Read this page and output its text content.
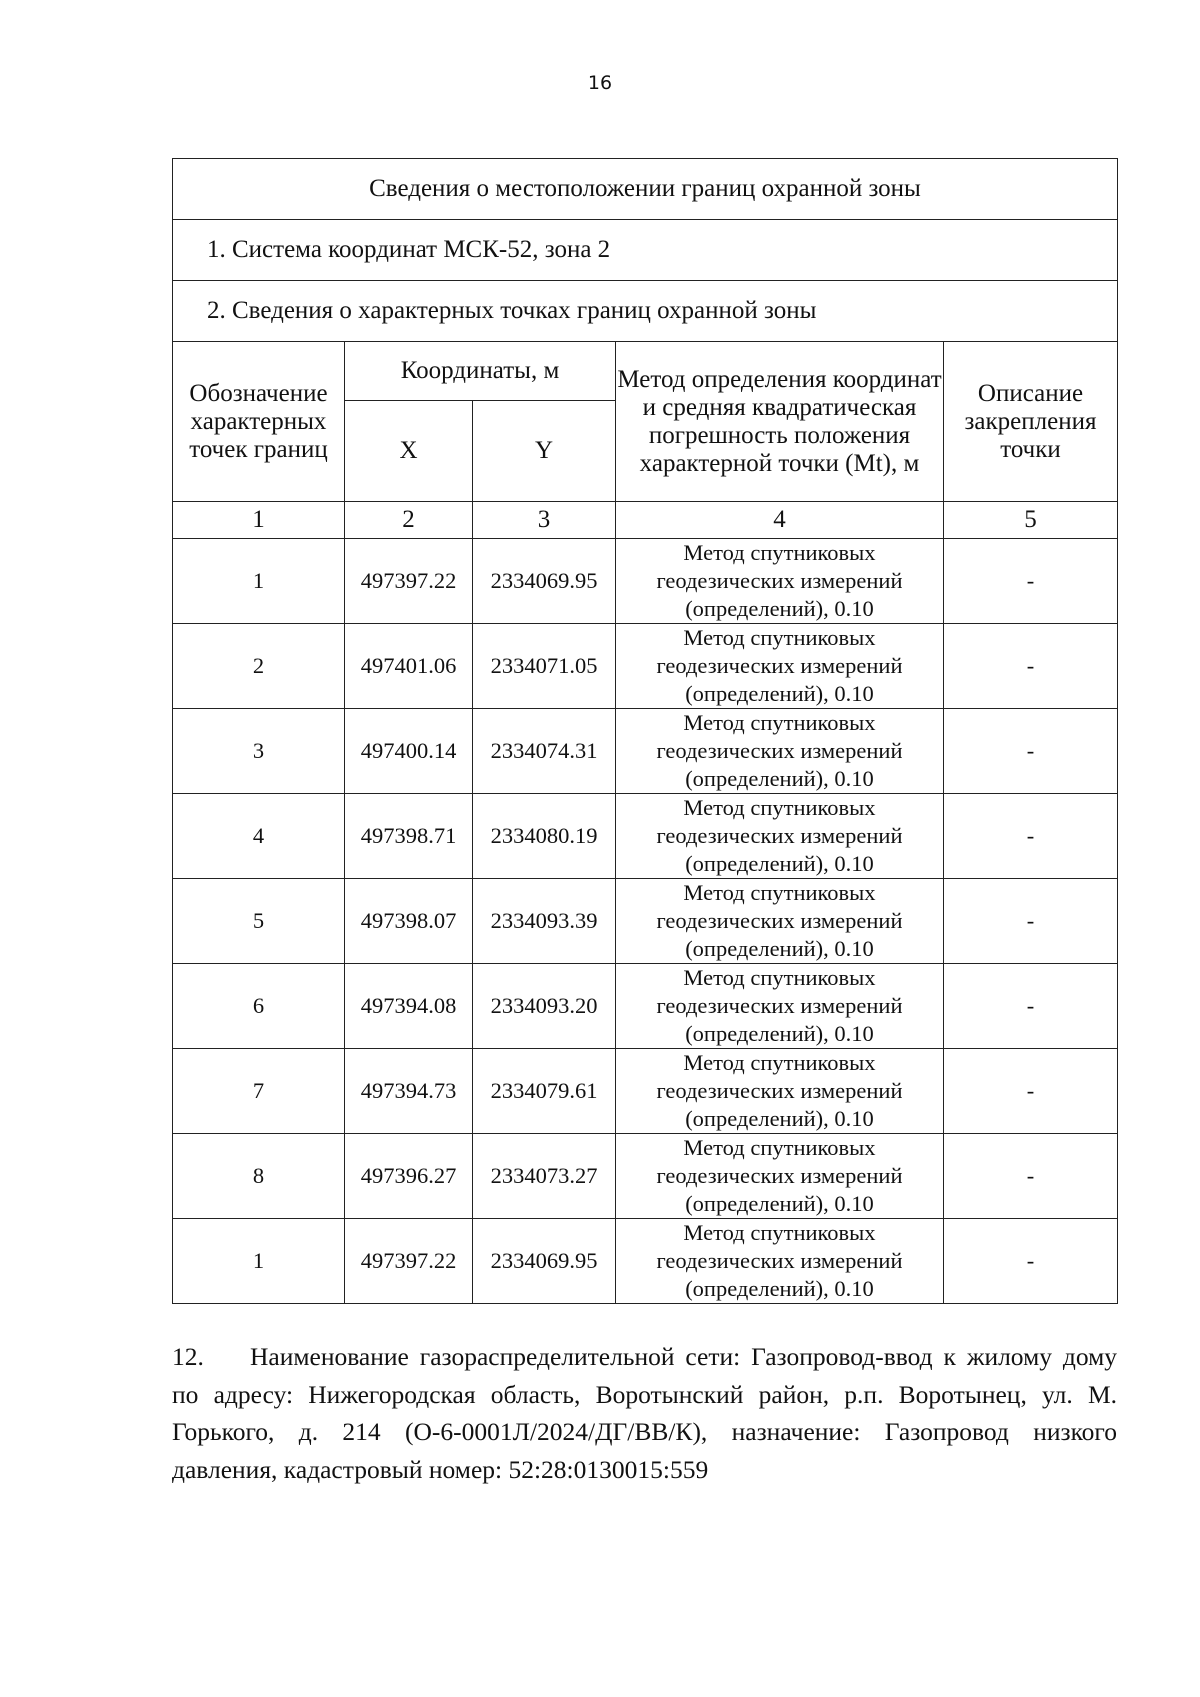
16
Сведения о местоположении границ охранной зоны				
1. Система координат МСК-52, зона 2				
2. Сведения о характерных точках границ охранной зоны				
Обозначение характерных точек границ	Координаты, м		Метод определения координат и средняя квадратическая погрешность положения характерной точки (Mt), м	Описание закрепления точки
	X	Y		
1	2	3	4	5
1	497397.22	2334069.95	Метод спутниковых геодезических измерений (определений), 0.10	-
2	497401.06	2334071.05	Метод спутниковых геодезических измерений (определений), 0.10	-
3	497400.14	2334074.31	Метод спутниковых геодезических измерений (определений), 0.10	-
4	497398.71	2334080.19	Метод спутниковых геодезических измерений (определений), 0.10	-
5	497398.07	2334093.39	Метод спутниковых геодезических измерений (определений), 0.10	-
6	497394.08	2334093.20	Метод спутниковых геодезических измерений (определений), 0.10	-
7	497394.73	2334079.61	Метод спутниковых геодезических измерений (определений), 0.10	-
8	497396.27	2334073.27	Метод спутниковых геодезических измерений (определений), 0.10	-
1	497397.22	2334069.95	Метод спутниковых геодезических измерений (определений), 0.10	-
12. Наименование газораспределительной сети: Газопровод-ввод к жилому дому по адресу: Нижегородская область, Воротынский район, р.п. Воротынец, ул. М. Горького, д. 214 (О-6-0001Л/2024/ДГ/ВВ/К), назначение: Газопровод низкого давления, кадастровый номер: 52:28:0130015:559
